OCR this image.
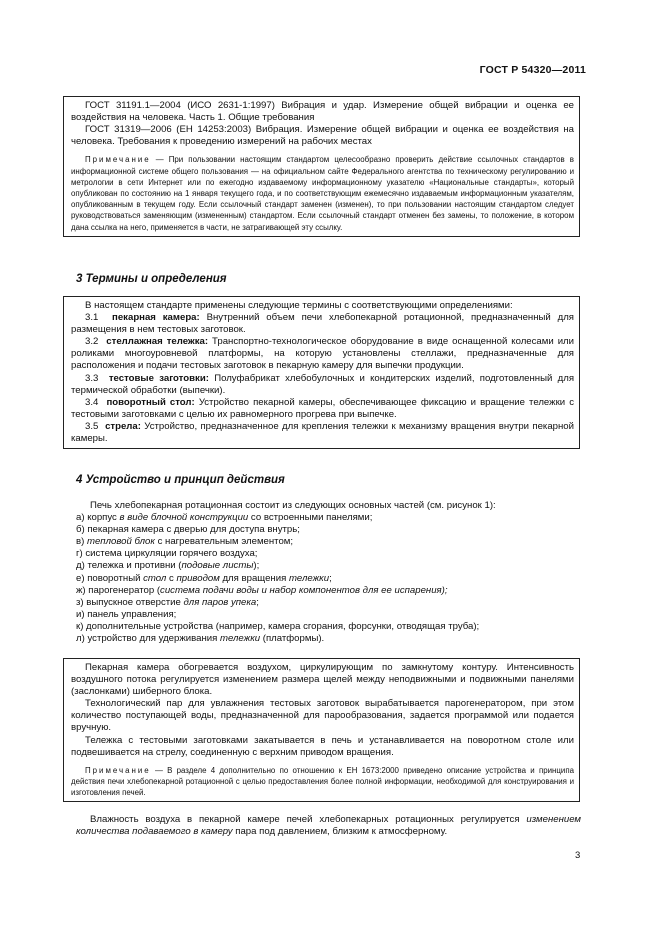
ГОСТ Р 54320—2011
ГОСТ 31191.1—2004 (ИСО 2631-1:1997) Вибрация и удар. Измерение общей вибрации и оценка ее воздействия на человека. Часть 1. Общие требования
ГОСТ 31319—2006 (ЕН 14253:2003) Вибрация. Измерение общей вибрации и оценка ее воздействия на человека. Требования к проведению измерений на рабочих местах
Примечание — При пользовании настоящим стандартом целесообразно проверить действие ссылочных стандартов в информационной системе общего пользования — на официальном сайте Федерального агентства по техническому регулированию и метрологии в сети Интернет или по ежегодно издаваемому информационному указателю «Национальные стандарты», который опубликован по состоянию на 1 января текущего года, и по соответствующим ежемесячно издаваемым информационным указателям, опубликованным в текущем году. Если ссылочный стандарт заменен (изменен), то при пользовании настоящим стандартом следует руководствоваться заменяющим (измененным) стандартом. Если ссылочный стандарт отменен без замены, то положение, в котором дана ссылка на него, применяется в части, не затрагивающей эту ссылку.
3 Термины и определения
В настоящем стандарте применены следующие термины с соответствующими определениями:
3.1 пекарная камера: Внутренний объем печи хлебопекарной ротационной, предназначенный для размещения в нем тестовых заготовок.
3.2 стеллажная тележка: Транспортно-технологическое оборудование в виде оснащенной колесами или роликами многоуровневой платформы, на которую установлены стеллажи, предназначенные для расположения и подачи тестовых заготовок в пекарную камеру для выпечки продукции.
3.3 тестовые заготовки: Полуфабрикат хлебобулочных и кондитерских изделий, подготовленный для термической обработки (выпечки).
3.4 поворотный стол: Устройство пекарной камеры, обеспечивающее фиксацию и вращение тележки с тестовыми заготовками с целью их равномерного прогрева при выпечке.
3.5 стрела: Устройство, предназначенное для крепления тележки к механизму вращения внутри пекарной камеры.
4 Устройство и принцип действия
Печь хлебопекарная ротационная состоит из следующих основных частей (см. рисунок 1):
а) корпус в виде блочной конструкции со встроенными панелями;
б) пекарная камера с дверью для доступа внутрь;
в) тепловой блок с нагревательным элементом;
г) система циркуляции горячего воздуха;
д) тележка и противни (подовые листы);
е) поворотный стол с приводом для вращения тележки;
ж) парогенератор (система подачи воды и набор компонентов для ее испарения);
з) выпускное отверстие для паров упека;
и) панель управления;
к) дополнительные устройства (например, камера сгорания, форсунки, отводящая труба);
л) устройство для удерживания тележки (платформы).
Пекарная камера обогревается воздухом, циркулирующим по замкнутому контуру. Интенсивность воздушного потока регулируется изменением размера щелей между неподвижными и подвижными панелями (заслонками) шиберного блока.
Технологический пар для увлажнения тестовых заготовок вырабатывается парогенератором, при этом количество поступающей воды, предназначенной для парообразования, задается программой или подается вручную.
Тележка с тестовыми заготовками закатывается в печь и устанавливается на поворотном столе или подвешивается на стрелу, соединенную с верхним приводом вращения.
Примечание — В разделе 4 дополнительно по отношению к ЕН 1673:2000 приведено описание устройства и принципа действия печи хлебопекарной ротационной с целью предоставления более полной информации, необходимой для конструирования и изготовления печей.
Влажность воздуха в пекарной камере печей хлебопекарных ротационных регулируется изменением количества подаваемого в камеру пара под давлением, близким к атмосферному.
3
